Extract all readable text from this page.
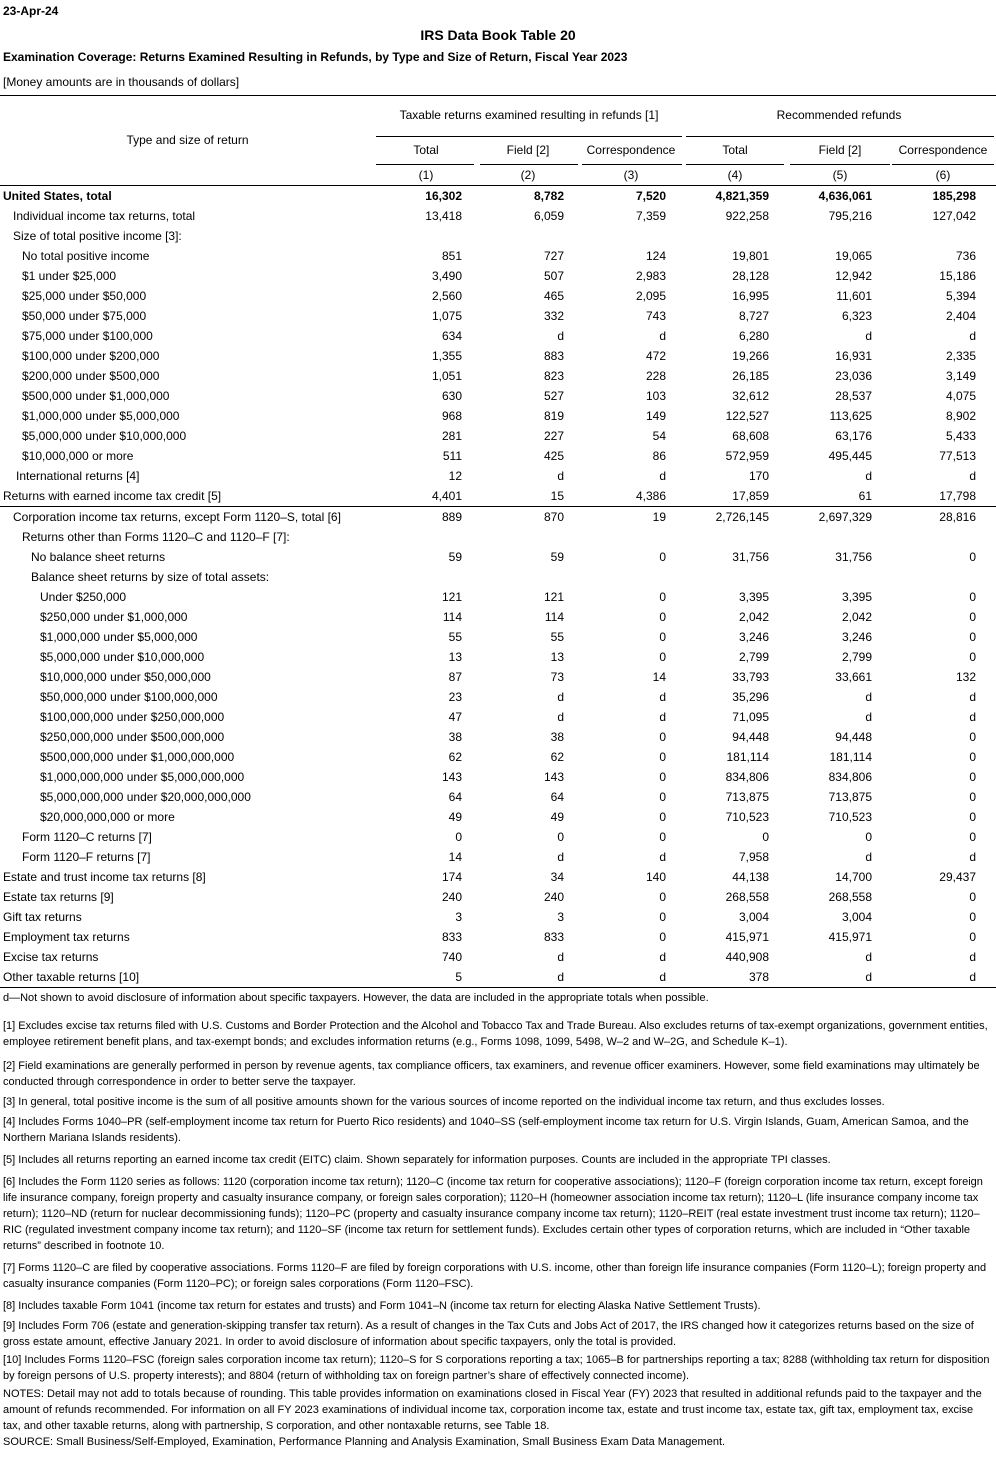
23-Apr-24
IRS Data Book Table 20
Examination Coverage: Returns Examined Resulting in Refunds, by Type and Size of Return, Fiscal Year 2023
[Money amounts are in thousands of dollars]
Type and size of return
Taxable returns examined resulting in refunds [1]	Recommended refunds
Total	Field [2]	Correspondence	Total	Field [2]	Correspondence
(1)	(2)	(3)	(4)	(5)	(6)
United States, total	16,302	8,782	7,520	4,821,359	4,636,061	185,298	
Individual income tax returns, total	13,418	6,059	7,359	922,258	795,216	127,042	
Size of total positive income [3]:							
No total positive income	851	727	124	19,801	19,065	736	
$1 under $25,000	3,490	507	2,983	28,128	12,942	15,186	
$25,000 under $50,000	2,560	465	2,095	16,995	11,601	5,394	
$50,000 under $75,000	1,075	332	743	8,727	6,323	2,404	
$75,000 under $100,000	634	d	d	6,280	d	d	
$100,000 under $200,000	1,355	883	472	19,266	16,931	2,335	
$200,000 under $500,000	1,051	823	228	26,185	23,036	3,149	
$500,000 under $1,000,000	630	527	103	32,612	28,537	4,075	
$1,000,000 under $5,000,000	968	819	149	122,527	113,625	8,902	
$5,000,000 under $10,000,000	281	227	54	68,608	63,176	5,433	
$10,000,000 or more	511	425	86	572,959	495,445	77,513	
International returns [4]	12	d	d	170	d	d	
Returns with earned income tax credit [5]	4,401	15	4,386	17,859	61	17,798	
Corporation income tax returns, except Form 1120–S, total [6]	889	870	19	2,726,145	2,697,329	28,816	
Returns other than Forms 1120–C and 1120–F [7]:							
No balance sheet returns	59	59	0	31,756	31,756	0	
Balance sheet returns by size of total assets:							
Under $250,000	121	121	0	3,395	3,395	0	
$250,000 under $1,000,000	114	114	0	2,042	2,042	0	
$1,000,000 under $5,000,000	55	55	0	3,246	3,246	0	
$5,000,000 under $10,000,000	13	13	0	2,799	2,799	0	
$10,000,000 under $50,000,000	87	73	14	33,793	33,661	132	
$50,000,000 under $100,000,000	23	d	d	35,296	d	d	
$100,000,000 under $250,000,000	47	d	d	71,095	d	d	
$250,000,000 under $500,000,000	38	38	0	94,448	94,448	0	
$500,000,000 under $1,000,000,000	62	62	0	181,114	181,114	0	
$1,000,000,000 under $5,000,000,000	143	143	0	834,806	834,806	0	
$5,000,000,000 under $20,000,000,000	64	64	0	713,875	713,875	0	
$20,000,000,000 or more	49	49	0	710,523	710,523	0	
Form 1120–C returns [7]	0	0	0	0	0	0	
Form 1120–F returns [7]	14	d	d	7,958	d	d	
Estate and trust income tax returns [8]	174	34	140	44,138	14,700	29,437	
Estate tax returns [9]	240	240	0	268,558	268,558	0	
Gift tax returns	3	3	0	3,004	3,004	0	
Employment tax returns	833	833	0	415,971	415,971	0	
Excise tax returns	740	d	d	440,908	d	d	
Other taxable returns [10]	5	d	d	378	d	d	

d—Not shown to avoid disclosure of information about specific taxpayers. However, the data are included in the appropriate totals when possible.

[1] Excludes excise tax returns filed with U.S. Customs and Border Protection and the Alcohol and Tobacco Tax and Trade Bureau. Also excludes returns of tax-exempt organizations, government entities, employee retirement benefit plans, and tax-exempt bonds; and excludes information returns (e.g., Forms 1098, 1099, 5498, W–2 and W–2G, and Schedule K–1).

[2] Field examinations are generally performed in person by revenue agents, tax compliance officers, tax examiners, and revenue officer examiners. However, some field examinations may ultimately be conducted through correspondence in order to better serve the taxpayer.

[3] In general, total positive income is the sum of all positive amounts shown for the various sources of income reported on the individual income tax return, and thus excludes losses.

[4] Includes Forms 1040–PR (self-employment income tax return for Puerto Rico residents) and 1040–SS (self-employment income tax return for U.S. Virgin Islands, Guam, American Samoa, and the Northern Mariana Islands residents).

[5] Includes all returns reporting an earned income tax credit (EITC) claim. Shown separately for information purposes. Counts are included in the appropriate TPI classes.

[6] Includes the Form 1120 series as follows: 1120 (corporation income tax return); 1120–C (income tax return for cooperative associations); 1120–F (foreign corporation income tax return, except foreign life insurance company, foreign property and casualty insurance company, or foreign sales corporation); 1120–H (homeowner association income tax return); 1120–L (life insurance company income tax return); 1120–ND (return for nuclear decommissioning funds); 1120–PC (property and casualty insurance company income tax return); 1120–REIT (real estate investment trust income tax return); 1120–RIC (regulated investment company income tax return); and 1120–SF (income tax return for settlement funds). Excludes certain other types of corporation returns, which are included in “Other taxable returns” described in footnote 10.

[7] Forms 1120–C are filed by cooperative associations. Forms 1120–F are filed by foreign corporations with U.S. income, other than foreign life insurance companies (Form 1120–L); foreign property and casualty insurance companies (Form 1120–PC); or foreign sales corporations (Form 1120–FSC).

[8] Includes taxable Form 1041 (income tax return for estates and trusts) and Form 1041–N (income tax return for electing Alaska Native Settlement Trusts).

[9] Includes Form 706 (estate and generation-skipping transfer tax return). As a result of changes in the Tax Cuts and Jobs Act of 2017, the IRS changed how it categorizes returns based on the size of gross estate amount, effective January 2021. In order to avoid disclosure of information about specific taxpayers, only the total is provided.

[10] Includes Forms 1120–FSC (foreign sales corporation income tax return); 1120–S for S corporations reporting a tax; 1065–B for partnerships reporting a tax; 8288 (withholding tax return for disposition by foreign persons of U.S. property interests); and 8804 (return of withholding tax on foreign partner’s share of effectively connected income).

NOTES: Detail may not add to totals because of rounding. This table provides information on examinations closed in Fiscal Year (FY) 2023 that resulted in additional refunds paid to the taxpayer and the amount of refunds recommended. For information on all FY 2023 examinations of individual income tax, corporation income tax, estate and trust income tax, estate tax, gift tax, employment tax, excise tax, and other taxable returns, along with partnership, S corporation, and other nontaxable returns, see Table 18.

SOURCE: Small Business/Self-Employed, Examination, Performance Planning and Analysis Examination, Small Business Exam Data Management.
